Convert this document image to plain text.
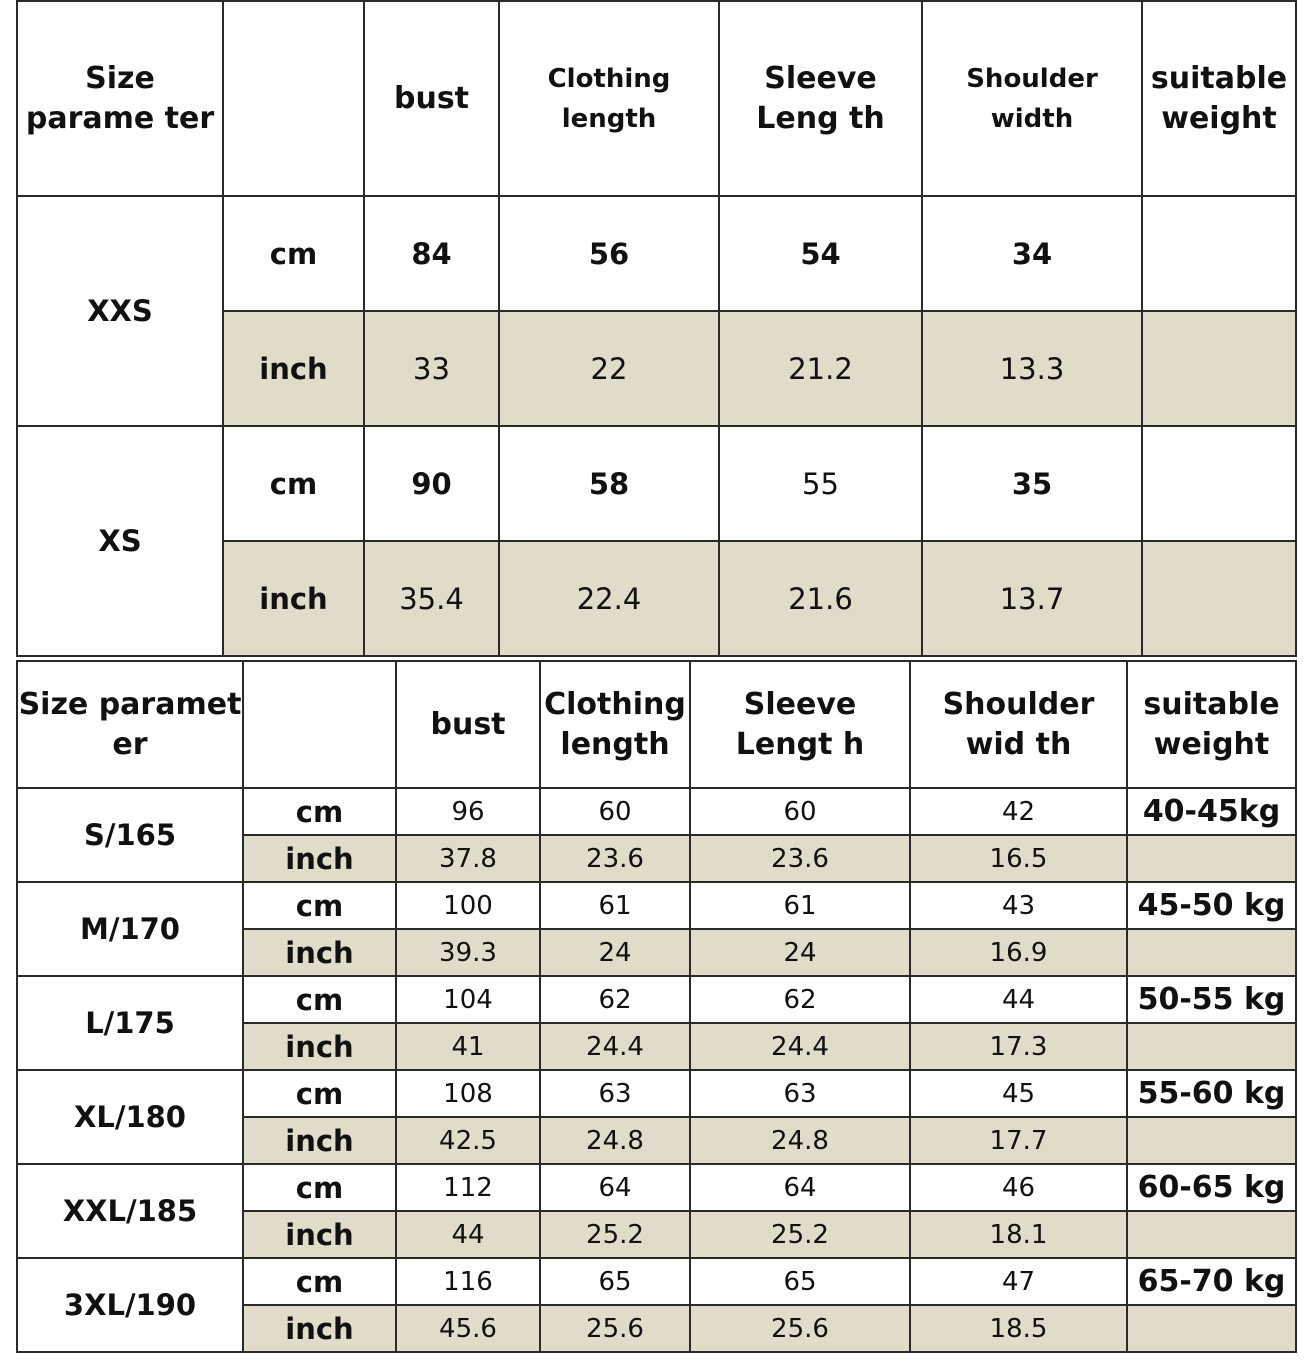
Size parame ter		bust	Clothing length	Sleeve Leng th	Shoulder width	suitable weight
XXS	cm	84	56	54	34	
	inch	33	22	21.2	13.3	
XS	cm	90	58	55	35	
	inch	35.4	22.4	21.6	13.7	
Size paramet er		bust	Clothing length	Sleeve Lengt h	Shoulder wid th	suitable weight
S/165	cm	96	60	60	42	40-45kg
	inch	37.8	23.6	23.6	16.5	
M/170	cm	100	61	61	43	45-50 kg
	inch	39.3	24	24	16.9	
L/175	cm	104	62	62	44	50-55 kg
	inch	41	24.4	24.4	17.3	
XL/180	cm	108	63	63	45	55-60 kg
	inch	42.5	24.8	24.8	17.7	
XXL/185	cm	112	64	64	46	60-65 kg
	inch	44	25.2	25.2	18.1	
3XL/190	cm	116	65	65	47	65-70 kg
	inch	45.6	25.6	25.6	18.5	
